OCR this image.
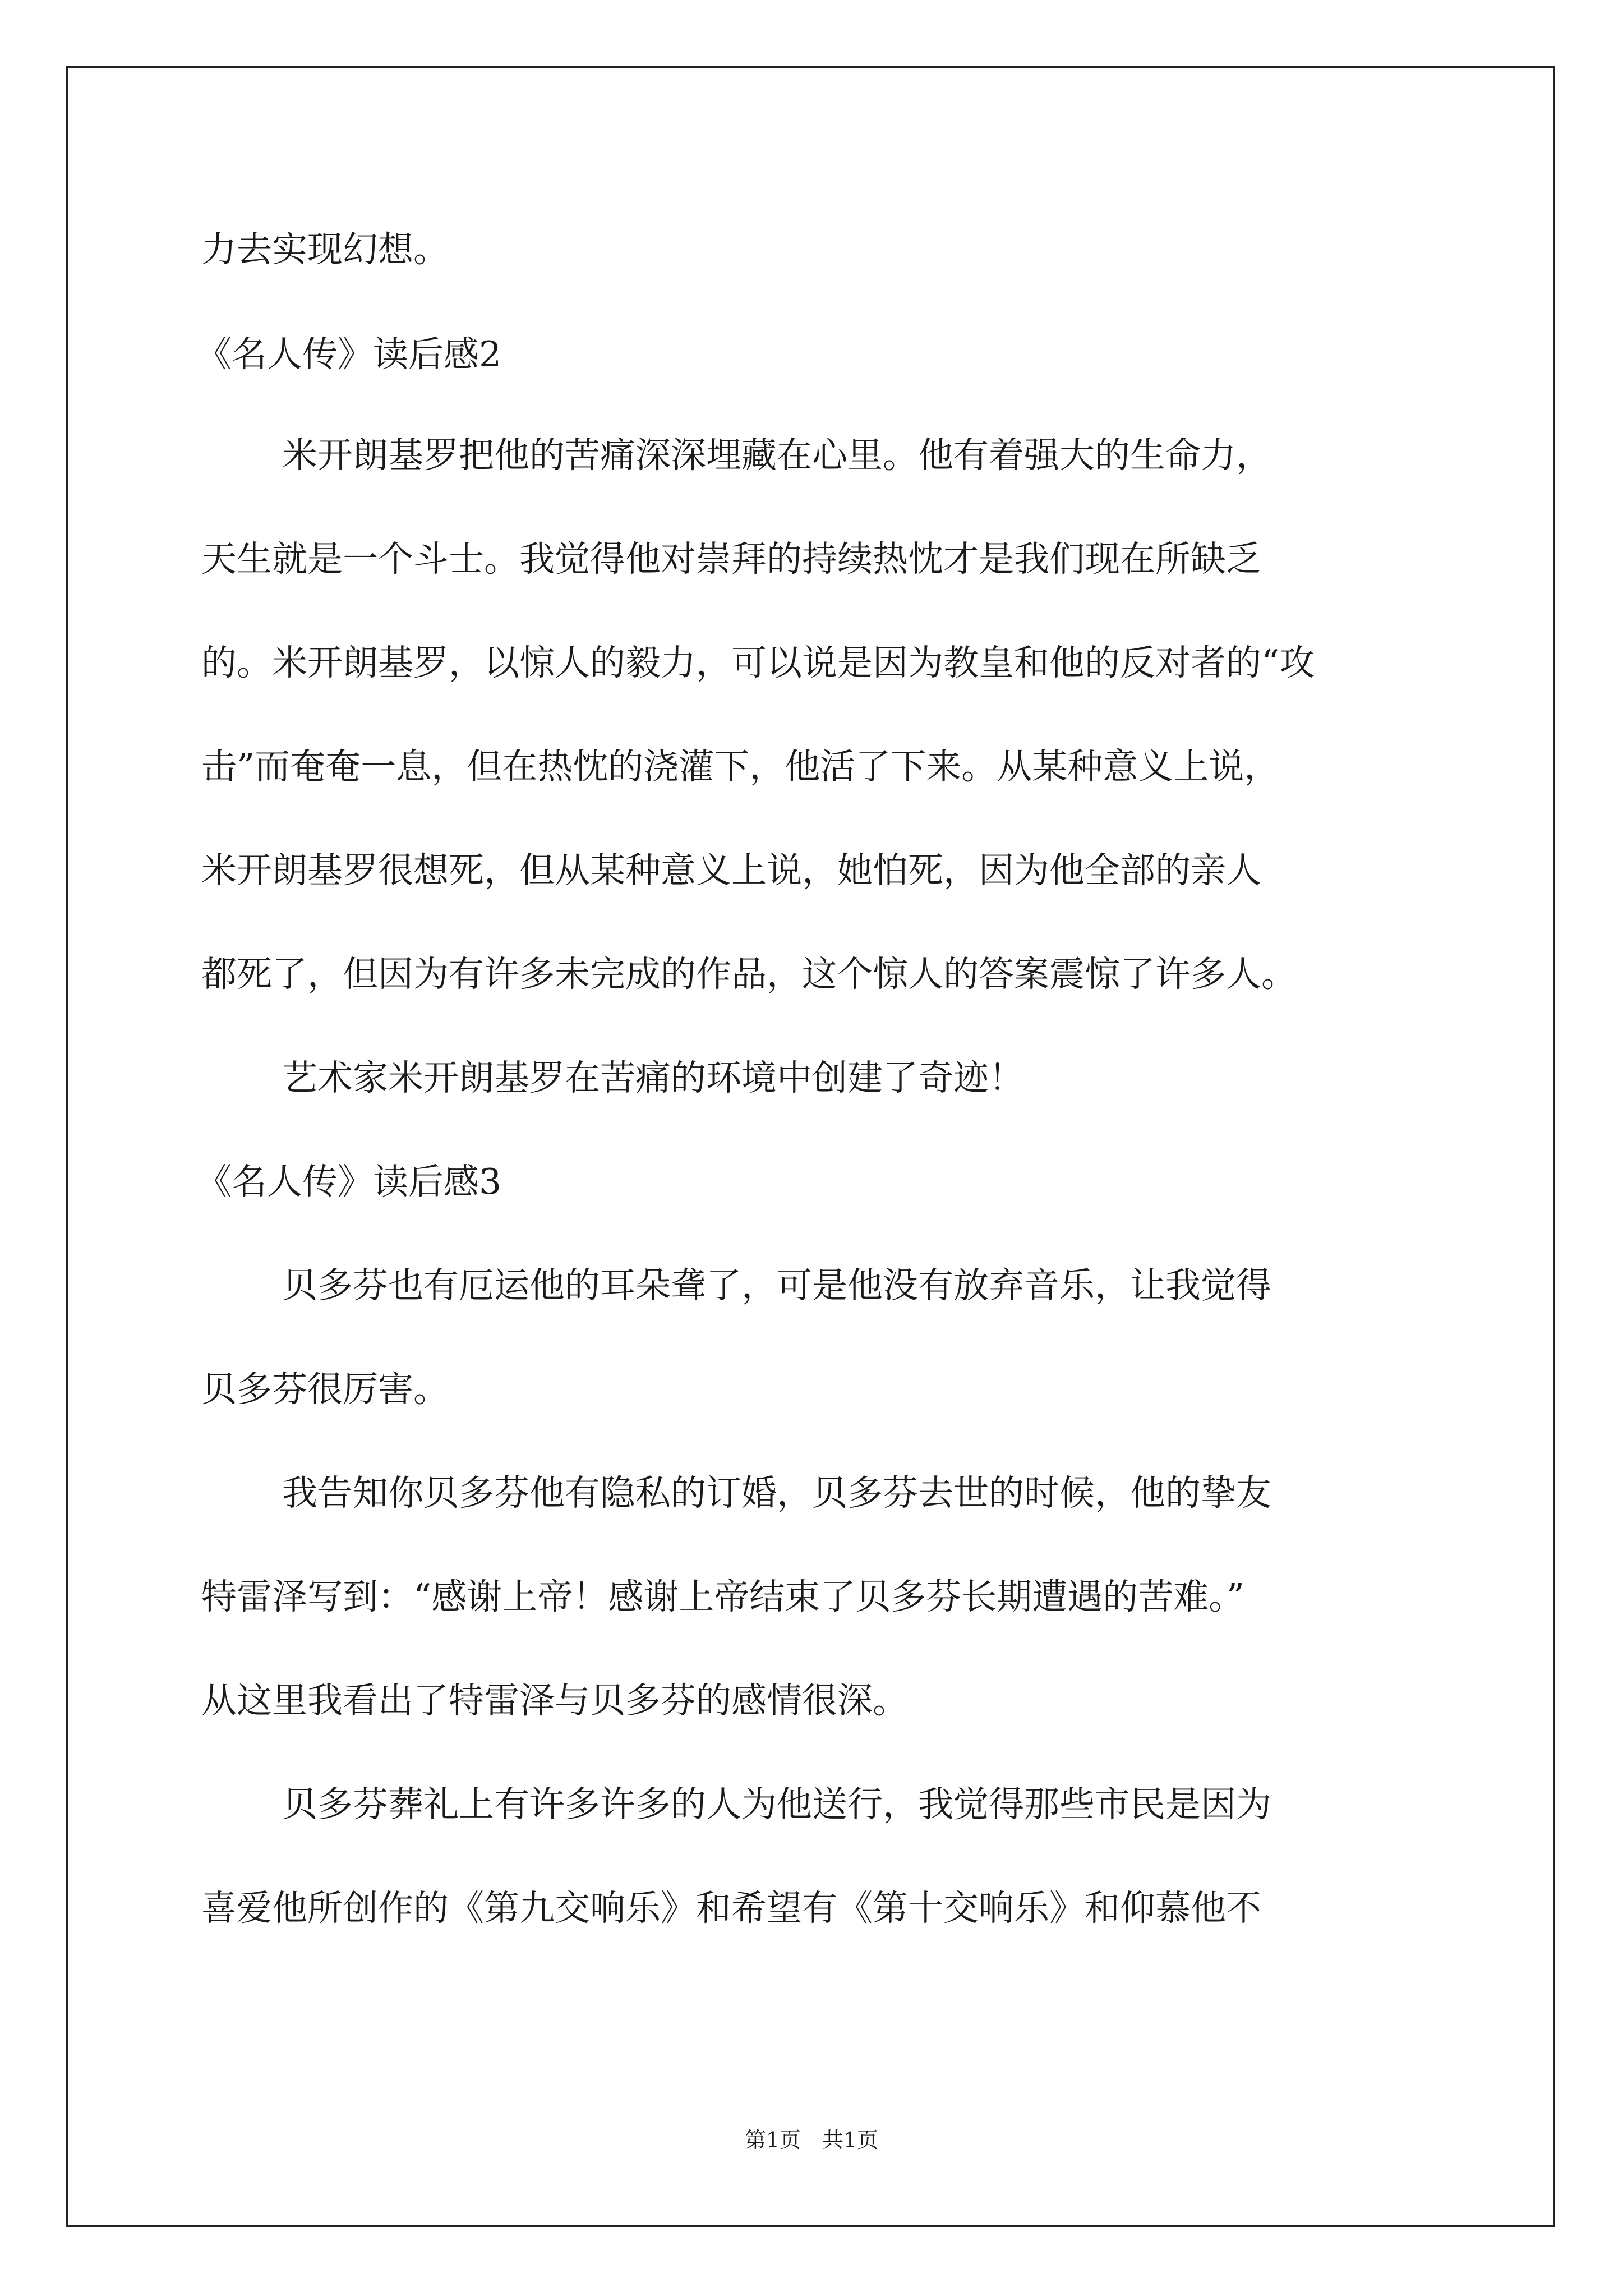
力去实现幻想。
《名人传》读后感2
米开朗基罗把他的苦痛深深埋藏在心里。他有着强大的生命力，
天生就是一个斗士。我觉得他对崇拜的持续热忱才是我们现在所缺乏
的。米开朗基罗，以惊人的毅力，可以说是因为教皇和他的反对者的“攻
击”而奄奄一息，但在热忱的浇灌下，他活了下来。从某种意义上说，
米开朗基罗很想死，但从某种意义上说，她怕死，因为他全部的亲人
都死了，但因为有许多未完成的作品，这个惊人的答案震惊了许多人。
艺术家米开朗基罗在苦痛的环境中创建了奇迹！
《名人传》读后感3
贝多芬也有厄运他的耳朵聋了，可是他没有放弃音乐，让我觉得
贝多芬很厉害。
我告知你贝多芬他有隐私的订婚，贝多芬去世的时候，他的挚友
特雷泽写到：“感谢上帝！感谢上帝结束了贝多芬长期遭遇的苦难。”
从这里我看出了特雷泽与贝多芬的感情很深。
贝多芬葬礼上有许多许多的人为他送行，我觉得那些市民是因为
喜爱他所创作的《第九交响乐》和希望有《第十交响乐》和仰慕他不
第1页　共1页
